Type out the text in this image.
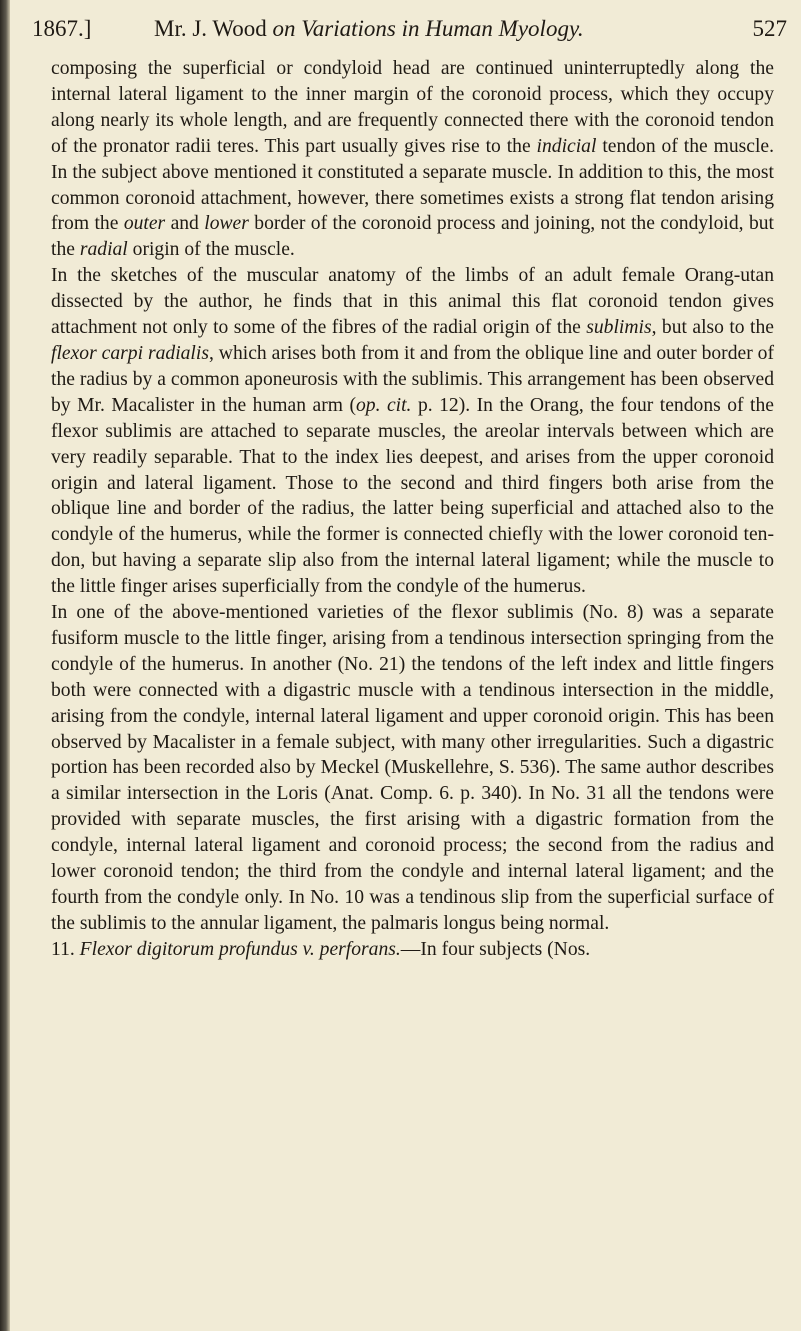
1867.]	Mr. J. Wood on Variations in Human Myology.	527

composing the superficial or condyloid head are continued uninterruptedly along the internal lateral ligament to the inner margin of the coronoid process, which they occupy along nearly its whole length, and are frequently connected there with the coronoid tendon of the pronator radii teres. This part usually gives rise to the indicial tendon of the muscle. In the subject above mentioned it constituted a separate muscle. In addition to this, the most common coronoid attachment, however, there sometimes exists a strong flat tendon arising from the outer and lower border of the coronoid process and joining, not the condyloid, but the radial origin of the muscle.

In the sketches of the muscular anatomy of the limbs of an adult female Orang-utan dissected by the author, he finds that in this animal this flat coronoid tendon gives attachment not only to some of the fibres of the radial origin of the sublimis, but also to the flexor carpi radialis, which arises both from it and from the oblique line and outer border of the radius by a common aponeurosis with the sublimis. This arrangement has been observed by Mr. Macalister in the human arm (op. cit. p. 12). In the Orang, the four tendons of the flexor sublimis are attached to separate muscles, the areolar intervals between which are very readily separable. That to the index lies deepest, and arises from the upper coronoid origin and lateral ligament. Those to the second and third fingers both arise from the oblique line and border of the radius, the latter being superficial and attached also to the condyle of the humerus, while the former is connected chiefly with the lower coronoid tendon, but having a separate slip also from the internal lateral ligament; while the muscle to the little finger arises superficially from the condyle of the humerus.

In one of the above-mentioned varieties of the flexor sublimis (No. 8) was a separate fusiform muscle to the little finger, arising from a tendinous intersection springing from the condyle of the humerus. In another (No. 21) the tendons of the left index and little fingers both were connected with a digastric muscle with a tendinous intersection in the middle, arising from the condyle, internal lateral ligament and upper coronoid origin. This has been observed by Macalister in a female subject, with many other irregularities. Such a digastric portion has been recorded also by Meckel (Muskellehre, S. 536). The same author describes a similar intersection in the Loris (Anat. Comp. 6. p. 340). In No. 31 all the tendons were provided with separate muscles, the first arising with a digastric formation from the condyle, internal lateral ligament and coronoid process; the second from the radius and lower coronoid tendon; the third from the condyle and internal lateral ligament; and the fourth from the condyle only. In No. 10 was a tendinous slip from the superficial surface of the sublimis to the annular ligament, the palmaris longus being normal.

11. Flexor digitorum profundus v. perforans.—In four subjects (Nos.
